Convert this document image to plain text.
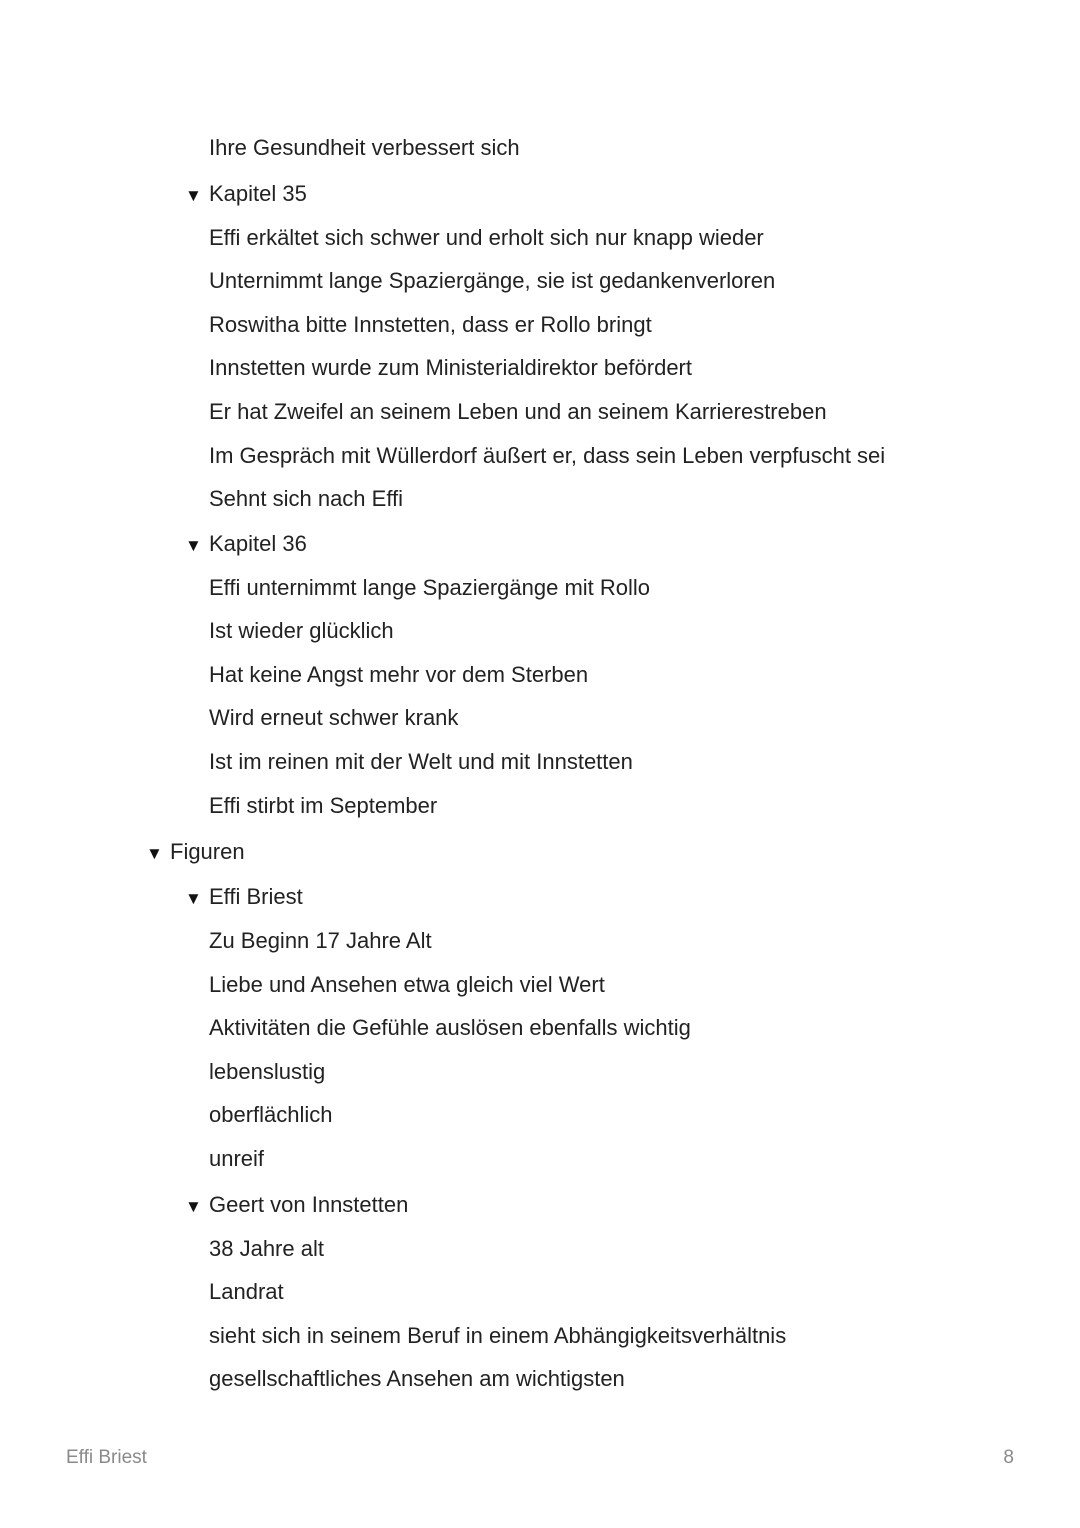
Ihre Gesundheit verbessert sich
▼ Kapitel 35
Effi erkältet sich schwer und erholt sich nur knapp wieder
Unternimmt lange Spaziergänge, sie ist gedankenverloren
Roswitha bitte Innstetten, dass er Rollo bringt
Innstetten wurde zum Ministerialdirektor befördert
Er hat Zweifel an seinem Leben und an seinem Karrierestreben
Im Gespräch mit Wüllerdorf äußert er, dass sein Leben verpfuscht sei
Sehnt sich nach Effi
▼ Kapitel 36
Effi unternimmt lange Spaziergänge mit Rollo
Ist wieder glücklich
Hat keine Angst mehr vor dem Sterben
Wird erneut schwer krank
Ist im reinen mit der Welt und mit Innstetten
Effi stirbt im September
▼ Figuren
▼ Effi Briest
Zu Beginn 17 Jahre Alt
Liebe und Ansehen etwa gleich viel Wert
Aktivitäten die Gefühle auslösen ebenfalls wichtig
lebenslustig
oberflächlich
unreif
▼ Geert von Innstetten
38 Jahre alt
Landrat
sieht sich in seinem Beruf in einem Abhängigkeitsverhältnis
gesellschaftliches Ansehen am wichtigsten
Effi Briest	8
